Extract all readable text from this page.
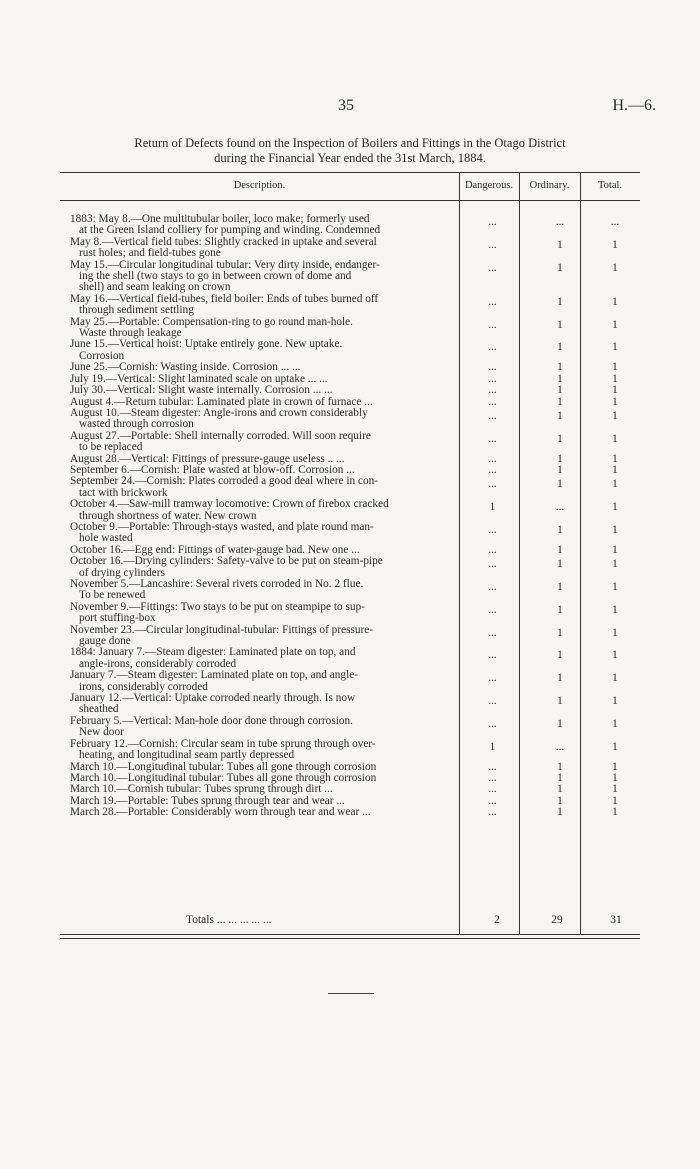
35	H.—6.
Return of Defects found on the Inspection of Boilers and Fittings in the Otago District
during the Financial Year ended the 31st March, 1884.
Description.	Dangerous.	Ordinary.	Total.
1883: May 8.—One multitubular boiler, loco make; formerly used
at the Green Island colliery for pumping and winding. Condemned
...	...	...
May 8.—Vertical field tubes: Slightly cracked in uptake and several
rust holes; and field-tubes gone
...	1	1
May 15.—Circular longitudinal tubular: Very dirty inside, endanger-
ing the shell (two stays to go in between crown of dome and
shell) and seam leaking on crown
...	1	1
May 16.—Vertical field-tubes, field boiler: Ends of tubes burned off
through sediment settling
...	1	1
May 25.—Portable: Compensation-ring to go round man-hole.
Waste through leakage
...	1	1
June 15.—Vertical hoist: Uptake entirely gone. New uptake.
Corrosion
...	1	1
June 25.—Cornish: Wasting inside. Corrosion ... ...	...	1	1
July 19.—Vertical: Slight laminated scale on uptake ... ...	...	1	1
July 30.—Vertical: Slight waste internally. Corrosion ... ...	...	1	1
August 4.—Return tubular: Laminated plate in crown of furnace ...	...	1	1
August 10.—Steam digester: Angle-irons and crown considerably
wasted through corrosion
...	1	1
August 27.—Portable: Shell internally corroded. Will soon require
to be replaced
...	1	1
August 28.—Vertical: Fittings of pressure-gauge useless .. ...	...	1	1
September 6.—Cornish: Plate wasted at blow-off. Corrosion ...	...	1	1
September 24.—Cornish: Plates corroded a good deal where in con-
tact with brickwork
...	1	1
October 4.—Saw-mill tramway locomotive: Crown of firebox cracked
through shortness of water. New crown
1	...	1
October 9.—Portable: Through-stays wasted, and plate round man-
hole wasted
...	1	1
October 16.—Egg end: Fittings of water-gauge bad. New one ...	...	1	1
October 16.—Drying cylinders: Safety-valve to be put on steam-pipe
of drying cylinders
...	1	1
November 5.—Lancashire: Several rivets corroded in No. 2 flue.
To be renewed
...	1	1
November 9.—Fittings: Two stays to be put on steampipe to sup-
port stuffing-box
...	1	1
November 23.—Circular longitudinal-tubular: Fittings of pressure-
gauge done
...	1	1
1884: January 7.—Steam digester: Laminated plate on top, and
angle-irons, considerably corroded
...	1	1
January 7.—Steam digester: Laminated plate on top, and angle-
irons, considerably corroded
...	1	1
January 12.—Vertical: Uptake corroded nearly through. Is now
sheathed
...	1	1
February 5.—Vertical: Man-hole door done through corrosion.
New door
...	1	1
February 12.—Cornish: Circular seam in tube sprung through over-
heating, and longitudinal seam partly depressed
1	...	1
March 10.—Longitudinal tubular: Tubes all gone through corrosion	...	1	1
March 10.—Longitudinal tubular: Tubes all gone through corrosion	...	1	1
March 10.—Cornish tubular: Tubes sprung through dirt ...	...	1	1
March 19.—Portable: Tubes sprung through tear and wear ...	...	1	1
March 28.—Portable: Considerably worn through tear and wear ...	...	1	1
Totals ... ... ... ... ...	2	29	31
